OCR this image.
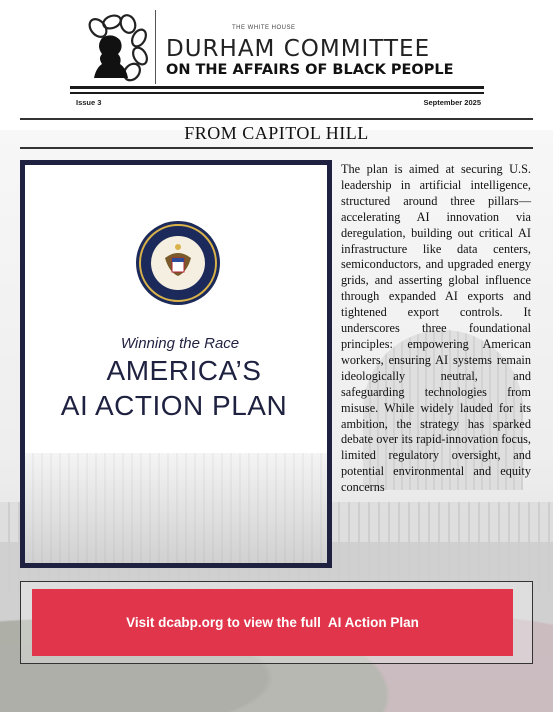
THE WHITE HOUSE
DURHAM COMMITTEE
ON THE AFFAIRS OF BLACK PEOPLE
Issue 3	September 2025
FROM CAPITOL HILL
Winning the Race
AMERICA’S
AI ACTION PLAN
The plan is aimed at securing U.S. leadership in artificial intelligence, structured around three pillars—accelerating AI innovation via deregulation, building out critical AI infrastructure like data centers, semiconductors, and upgraded energy grids, and asserting global influence through expanded AI exports and tightened export controls. It underscores three foundational principles: empowering American workers, ensuring AI systems remain ideologically neutral, and safeguarding technologies from misuse. While widely lauded for its ambition, the strategy has sparked debate over its rapid-innovation focus, limited regulatory oversight, and potential environmental and equity concerns
Visit dcabp.org to view the full  AI Action Plan
